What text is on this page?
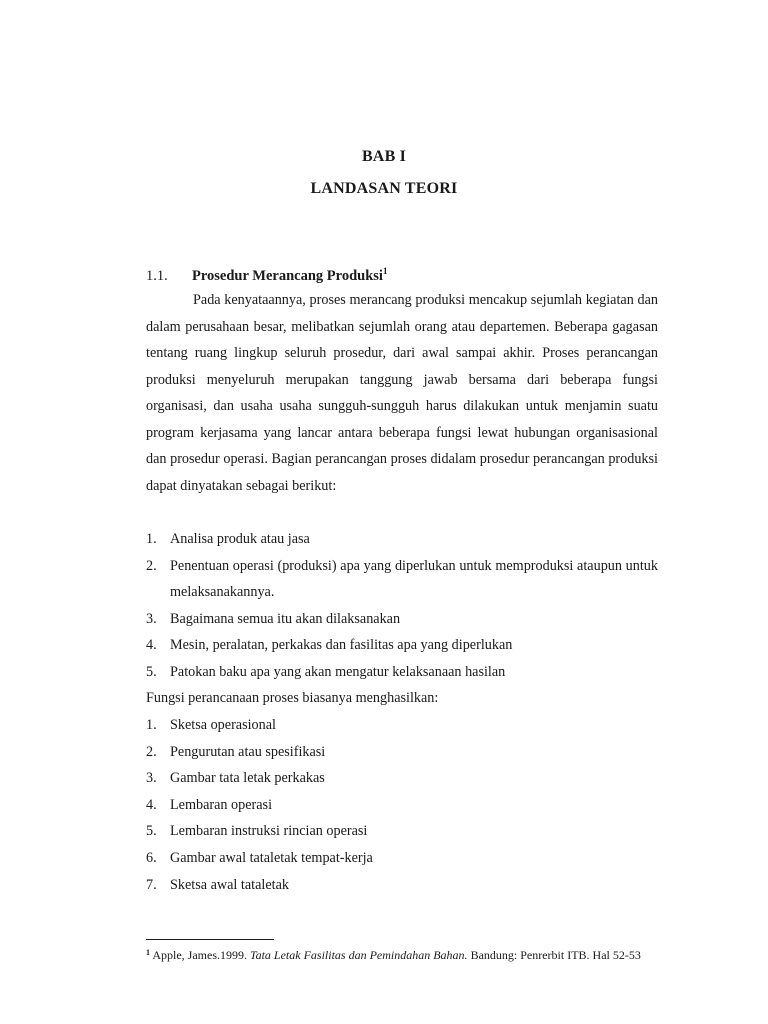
BAB I
LANDASAN TEORI
1.1. Prosedur Merancang Produksi$^1$

Pada kenyataannya, proses merancang produksi mencakup sejumlah kegiatan dan dalam perusahaan besar, melibatkan sejumlah orang atau departemen. Beberapa gagasan tentang ruang lingkup seluruh prosedur, dari awal sampai akhir. Proses perancangan produksi menyeluruh merupakan tanggung jawab bersama dari beberapa fungsi organisasi, dan usaha usaha sungguh-sungguh harus dilakukan untuk menjamin suatu program kerjasama yang lancar antara beberapa fungsi lewat hubungan organisasional dan prosedur operasi. Bagian perancangan proses didalam prosedur perancangan produksi dapat dinyatakan sebagai berikut:

1. Analisa produk atau jasa
2. Penentuan operasi (produksi) apa yang diperlukan untuk memproduksi ataupun untuk melaksanakannya.
3. Bagaimana semua itu akan dilaksanakan
4. Mesin, peralatan, perkakas dan fasilitas apa yang diperlukan
5. Patokan baku apa yang akan mengatur kelaksanaan hasilan

Fungsi perancanaan proses biasanya menghasilkan:

1. Sketsa operasional
2. Pengurutan atau spesifikasi
3. Gambar tata letak perkakas
4. Lembaran operasi
5. Lembaran instruksi rincian operasi
6. Gambar awal tataletak tempat-kerja
7. Sketsa awal tataletak

$^1$ Apple, James.1999. Tata Letak Fasilitas dan Pemindahan Bahan. Bandung: Penrerbit ITB. Hal 52-53
